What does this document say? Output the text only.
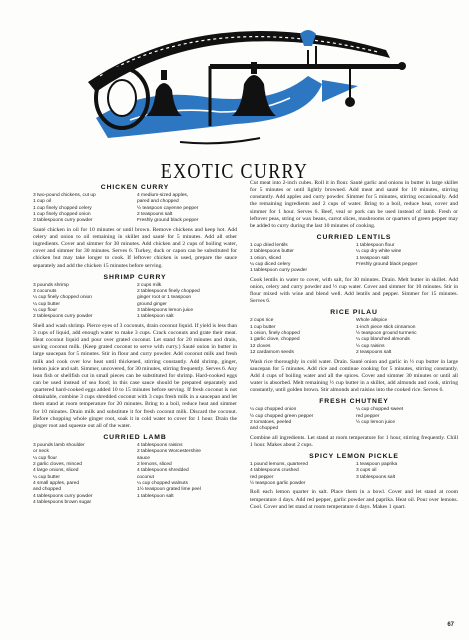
EXOTIC CURRY
CHICKEN CURRY
3 two-pound chickens, cut up
1 cup oil
1 cup finely chopped celery
1 cup finely chopped onion
3 tablespoons curry powder
4 medium-sized apples,
pared and chopped
½ teaspoon cayenne pepper
2 teaspoons salt
Freshly ground black pepper

Sauté chicken in oil for 10 minutes or until brown. Remove chickens and keep hot. Add celery and onion to oil remaining in skillet and sauté for 5 minutes. Add all other ingredients. Cover and simmer for 30 minutes. Add chicken and 2 cups of boiling water, cover and simmer for 30 minutes. Serves 6. Turkey, duck or capon can be substituted for chicken but may take longer to cook. If leftover chicken is used, prepare the sauce separately and add the chicken 15 minutes before serving.

SHRIMP CURRY
3 pounds shrimp
3 coconuts
¼ cup finely chopped onion
¼ cup butter
¼ cup flour
2 tablespoons curry powder
2 cups milk
2 tablespoons finely chopped
ginger root or 1 teaspoon
ground ginger
3 tablespoons lemon juice
1 tablespoon salt

Shell and wash shrimp. Pierce eyes of 3 coconuts, drain coconut liquid. If yield is less than 3 cups of liquid, add enough water to make 3 cups. Crack coconuts and grate their meat. Heat coconut liquid and pour over grated coconut. Let stand for 20 minutes and drain, saving coconut milk. (Keep grated coconut to serve with curry.) Sauté onion in butter in large saucepan for 5 minutes. Stir in flour and curry powder. Add coconut milk and fresh milk and cook over low heat until thickened, stirring constantly. Add shrimp, ginger, lemon juice and salt. Simmer, uncovered, for 30 minutes, stirring frequently. Serves 6. Any lean fish or shellfish cut in small pieces can be substituted for shrimp. Hard-cooked eggs can be used instead of sea food; in this case sauce should be prepared separately and quartered hard-cooked eggs added 10 to 15 minutes before serving. If fresh coconut is not obtainable, combine 3 cups shredded coconut with 3 cups fresh milk in a saucepan and let them stand at room temperature for 20 minutes. Bring to a boil, reduce heat and simmer for 10 minutes. Drain milk and substitute it for fresh coconut milk. Discard the coconut. Before chopping whole ginger root, soak it in cold water to cover for 1 hour. Drain the ginger root and squeeze out all of the water.

CURRIED LAMB
3 pounds lamb shoulder
or neck
¼ cup flour
2 garlic cloves, minced
4 large onions, sliced
¼ cup butter
4 small apples, pared
and chopped
4 tablespoons curry powder
4 tablespoons brown sugar
4 tablespoons raisins
2 tablespoons Worcestershire
sauce
2 lemons, sliced
4 tablespoons shredded
coconut
¼ cup chopped walnuts
1½ teaspoon grated lime peel
1 tablespoon salt

Cut meat into 2-inch cubes. Roll it in flour. Sauté garlic and onions in butter in large skillet for 5 minutes or until lightly browned. Add meat and sauté for 10 minutes, stirring constantly. Add apples and curry powder. Simmer for 5 minutes, stirring occasionally. Add the remaining ingredients and 2 cups of water. Bring to a boil, reduce heat, cover and simmer for 1 hour. Serves 6. Beef, veal or pork can be used instead of lamb. Fresh or leftover peas, string or wax beans, carrot slices, mushrooms or quarters of green pepper may be added to curry during the last 10 minutes of cooking.

CURRIED LENTILS
1 cup dried lentils
2 tablespoons butter
1 onion, sliced
¼ cup diced celery
1 tablespoon curry powder
1 tablespoon flour
¼ cup dry white wine
1 teaspoon salt
Freshly ground black pepper

Cook lentils in water to cover, with salt, for 30 minutes. Drain. Melt butter in skillet. Add onion, celery and curry powder and ½ cup water. Cover and simmer for 10 minutes. Stir in flour mixed with wine and blend well. Add lentils and pepper. Simmer for 15 minutes. Serves 6.

RICE PILAU
2 cups rice
1 cup butter
1 onion, finely chopped
1 garlic clove, chopped
12 cloves
12 cardamom seeds
Whole allspice
1-inch piece stick cinnamon
½ teaspoon ground turmeric
¼ cup blanched almonds
½ cup raisins
2 teaspoons salt

Wash rice thoroughly in cold water. Drain. Sauté onion and garlic in ½ cup butter in large saucepan for 5 minutes. Add rice and continue cooking for 5 minutes, stirring constantly. Add 4 cups of boiling water and all the spices. Cover and simmer 30 minutes or until all water is absorbed. Melt remaining ½ cup butter in a skillet, add almonds and cook, stirring constantly, until golden brown. Stir almonds and raisins into the cooked rice. Serves 6.

FRESH CHUTNEY
¼ cup chopped onion
½ cup chopped green pepper
2 tomatoes, peeled
and chopped
¼ cup chopped sweet
red pepper
½ cup lemon juice

Combine all ingredients. Let stand at room temperature for 1 hour, stirring frequently. Chill 1 hour. Makes about 2 cups.

SPICY LEMON PICKLE
1 pound lemons, quartered
4 tablespoons crushed
red pepper
½ teaspoon garlic powder
1 teaspoon paprika
3 cups oil
3 tablespoons salt

Roll each lemon quarter in salt. Place them in a bowl. Cover and let stand at room temperature 4 days. Add red pepper, garlic powder and paprika. Heat oil. Pour over lemons. Cool. Cover and let stand at room temperature 4 days. Makes 1 quart.

67
